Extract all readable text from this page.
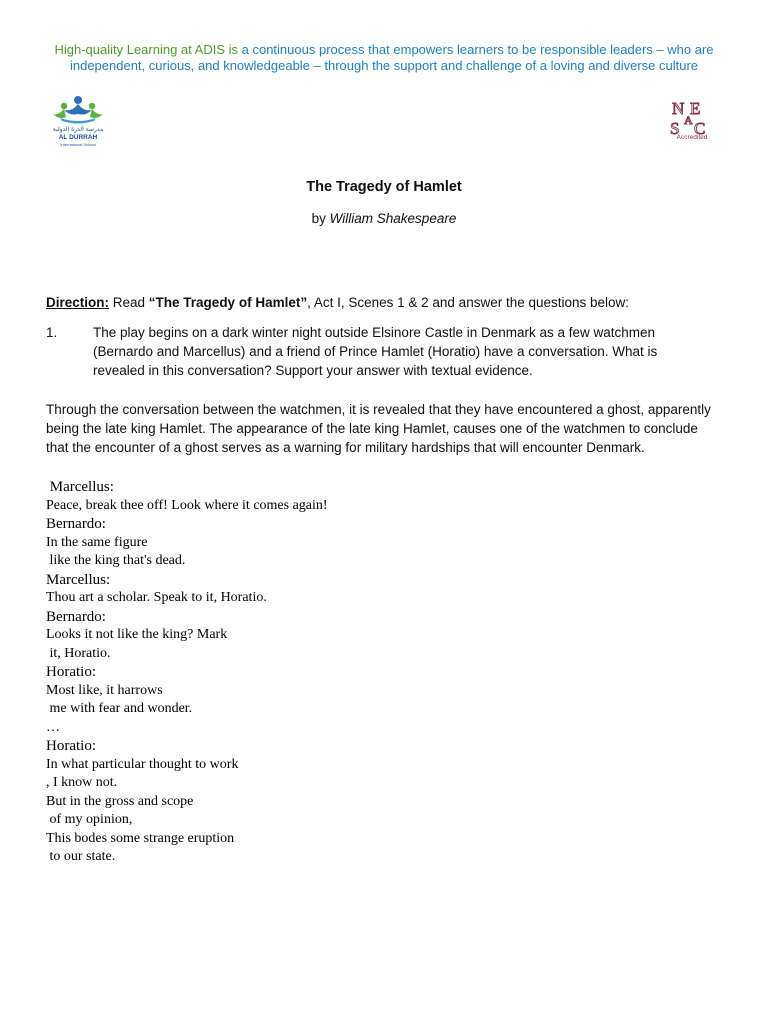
High-quality Learning at ADIS is a continuous process that empowers learners to be responsible leaders – who are independent, curious, and knowledgeable – through the support and challenge of a loving and diverse culture
مدرسة الدرة الدولية
AL DURRAH
International School
N E
A
S C
Accredited
The Tragedy of Hamlet
by William Shakespeare
Direction: Read “The Tragedy of Hamlet”, Act I, Scenes 1 & 2 and answer the questions below:
1.	The play begins on a dark winter night outside Elsinore Castle in Denmark as a few watchmen (Bernardo and Marcellus) and a friend of Prince Hamlet (Horatio) have a conversation. What is revealed in this conversation? Support your answer with textual evidence.
Through the conversation between the watchmen, it is revealed that they have encountered a ghost, apparently being the late king Hamlet. The appearance of the late king Hamlet, causes one of the watchmen to conclude that the encounter of a ghost serves as a warning for military hardships that will encounter Denmark.
Marcellus:
Peace, break thee off! Look where it comes again!
Bernardo:
In the same figure
like the king that's dead.
Marcellus:
Thou art a scholar. Speak to it, Horatio.
Bernardo:
Looks it not like the king? Mark
it, Horatio.
Horatio:
Most like, it harrows
me with fear and wonder.
…
Horatio:
In what particular thought to work
, I know not.
But in the gross and scope
of my opinion,
This bodes some strange eruption
to our state.
